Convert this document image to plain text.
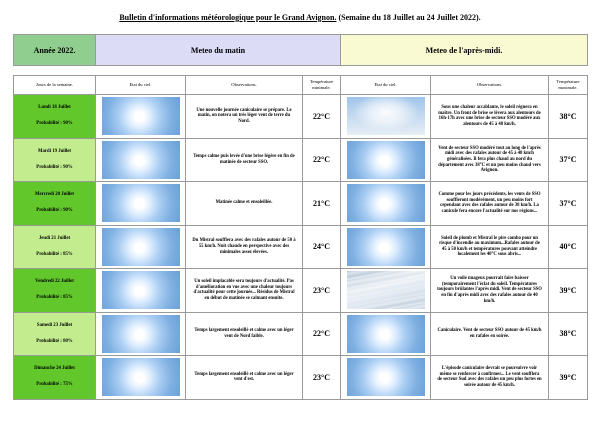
Bulletin d'informations météorologique pour le Grand Avignon. (Semaine du 18 Juillet au 24 Juillet 2022).
Année 2022.	Meteo du matin	Meteo de l'après-midi.
Jours de la semaine.	Etat du ciel.	Observations.	Température minimale.	Etat du ciel.	Observations.	Température maximale.

Lundi 18 Juillet
Probabilité : 90%		Une nouvelle journée caniculaire se prépare. Le matin, on notera un très léger vent de terre du Nord.	22°C		Sous une chaleur accablante, le soleil régnera en maître. Un front de brise se lèvera aux alentours de 16h-17h avec une brise de secteur SSO modéré aux alentours de 45 à 48 km/h.	38°C

Mardi 19 Juillet
Probabilité : 90%		Temps calme puis levée d'une brise légère en fin de matinée de secteur SSO.	22°C		Vent de secteur SSO modéré tout au long de l'après midi avec des rafales autour de 45 à 48 km/h généralisées. Il fera plus chaud au nord du département avec 38°C et un peu moins chaud vers Avignon.	37°C

Mercredi 20 Juillet
Probabilité : 90%		Matinée calme et ensoleillée.	21°C		Comme pour les jours précédents, les vents de SSO souffleront modérément, un peu moins fort cependant avec des rafales autour de 38 km/h. La canicule fera encore l'actualité sur nos régions...	37°C

Jeudi 21 Juillet
Probabilité : 85%		Du Mistral soufflera avec des rafales autour de 50 à 55 km/h. Nuit chaude en perspective avec des minimales assez élevées.	24°C		Soleil de plomb et Mistral le pire combo pour un risque d'incendie au maximum...Rafales autour de 45 à 50 km/h et températures pouvant atteindre localement les 40°C sous abris...	40°C

Vendredi 22 Juillet
Probabilité : 85%		Un soleil implacable sera toujours d'actualité. Pas d'amélioration en vue avec une chaleur toujours d'actualité pour cette journée... Résidus de Mistral en début de matinée se calmant ensuite.	23°C		Un voile nuageux pourrait faire baisser (temporairement l'éclat du soleil. Températures toujours brûlantes l'après midi. Vent de secteur SSO en fin d'après midi avec des rafales autour de 40 km/h.	39°C

Samedi 23 Juillet
Probabilité : 80%		Temps largement ensoleillé et calme avec un léger vent de Nord faible.	22°C		Caniculaire. Vent de secteur SSO autour de 45 km/h en rafales en soirée.	38°C

Dimanche 24 Juillet
Probabilité : 75%		Temps largement ensoleillé et calme avec un léger vent d'est.	23°C		L'épisode caniculaire devrait se poursuivre voir même se renforcer à confirmer... Le vent soufflera de secteur Sud avec des rafales un peu plus fortes en soirée autour de 45 km/h.	39°C
